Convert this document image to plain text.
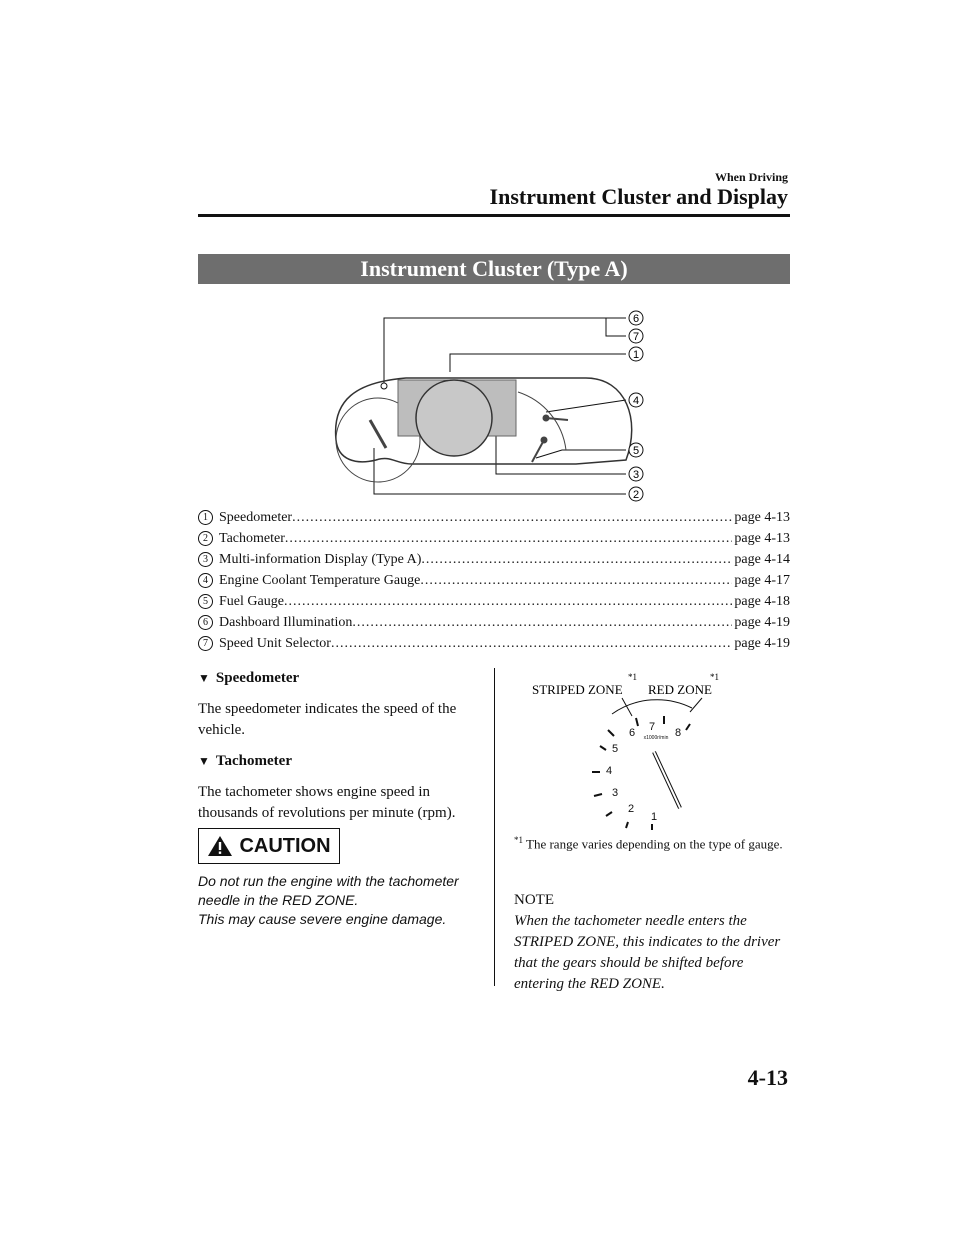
When Driving
Instrument Cluster and Display
Instrument Cluster (Type A)
6
7
1
4
5
3
2
1 Speedometer .....	page 4-13
2 Tachometer .....	page 4-13
3 Multi-information Display (Type A) .....	page 4-14
4 Engine Coolant Temperature Gauge .....	page 4-17
5 Fuel Gauge .....	page 4-18
6 Dashboard Illumination .....	page 4-19
7 Speed Unit Selector .....	page 4-19
▼ Speedometer
The speedometer indicates the speed of the vehicle.
▼ Tachometer
The tachometer shows engine speed in thousands of revolutions per minute (rpm).
CAUTION
Do not run the engine with the tachometer needle in the RED ZONE.
This may cause severe engine damage.
STRIPED ZONE
*1
RED ZONE
*1
1
2
3
4
5
6 7 8
x1000r/min
$^{*1}$ The range varies depending on the type of gauge.
NOTE
When the tachometer needle enters the STRIPED ZONE, this indicates to the driver that the gears should be shifted before entering the RED ZONE.
4-13
